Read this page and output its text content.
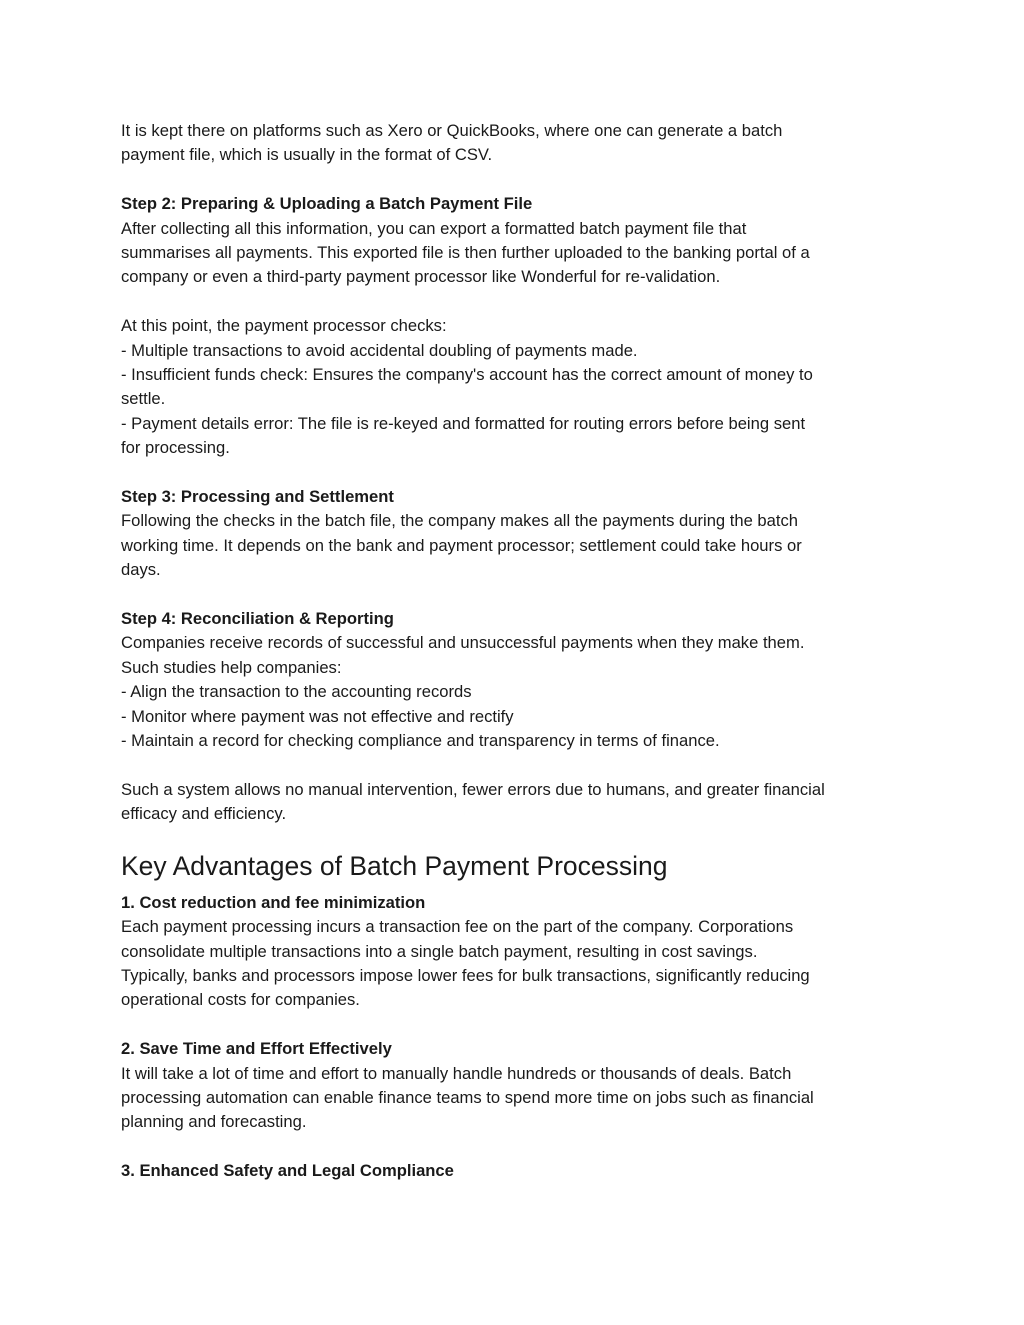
It is kept there on platforms such as Xero or QuickBooks, where one can generate a batch
payment file, which is usually in the format of CSV.

Step 2: Preparing & Uploading a Batch Payment File
After collecting all this information, you can export a formatted batch payment file that
summarises all payments. This exported file is then further uploaded to the banking portal of a
company or even a third-party payment processor like Wonderful for re-validation.

At this point, the payment processor checks:
- Multiple transactions to avoid accidental doubling of payments made.
- Insufficient funds check: Ensures the company's account has the correct amount of money to
settle.
- Payment details error: The file is re-keyed and formatted for routing errors before being sent
for processing.

Step 3: Processing and Settlement
Following the checks in the batch file, the company makes all the payments during the batch
working time. It depends on the bank and payment processor; settlement could take hours or
days.

Step 4: Reconciliation & Reporting
Companies receive records of successful and unsuccessful payments when they make them.
Such studies help companies:
- Align the transaction to the accounting records
- Monitor where payment was not effective and rectify
- Maintain a record for checking compliance and transparency in terms of finance.

Such a system allows no manual intervention, fewer errors due to humans, and greater financial
efficacy and efficiency.

Key Advantages of Batch Payment Processing

1. Cost reduction and fee minimization
Each payment processing incurs a transaction fee on the part of the company. Corporations
consolidate multiple transactions into a single batch payment, resulting in cost savings.
Typically, banks and processors impose lower fees for bulk transactions, significantly reducing
operational costs for companies.

2. Save Time and Effort Effectively
It will take a lot of time and effort to manually handle hundreds or thousands of deals. Batch
processing automation can enable finance teams to spend more time on jobs such as financial
planning and forecasting.

3. Enhanced Safety and Legal Compliance
